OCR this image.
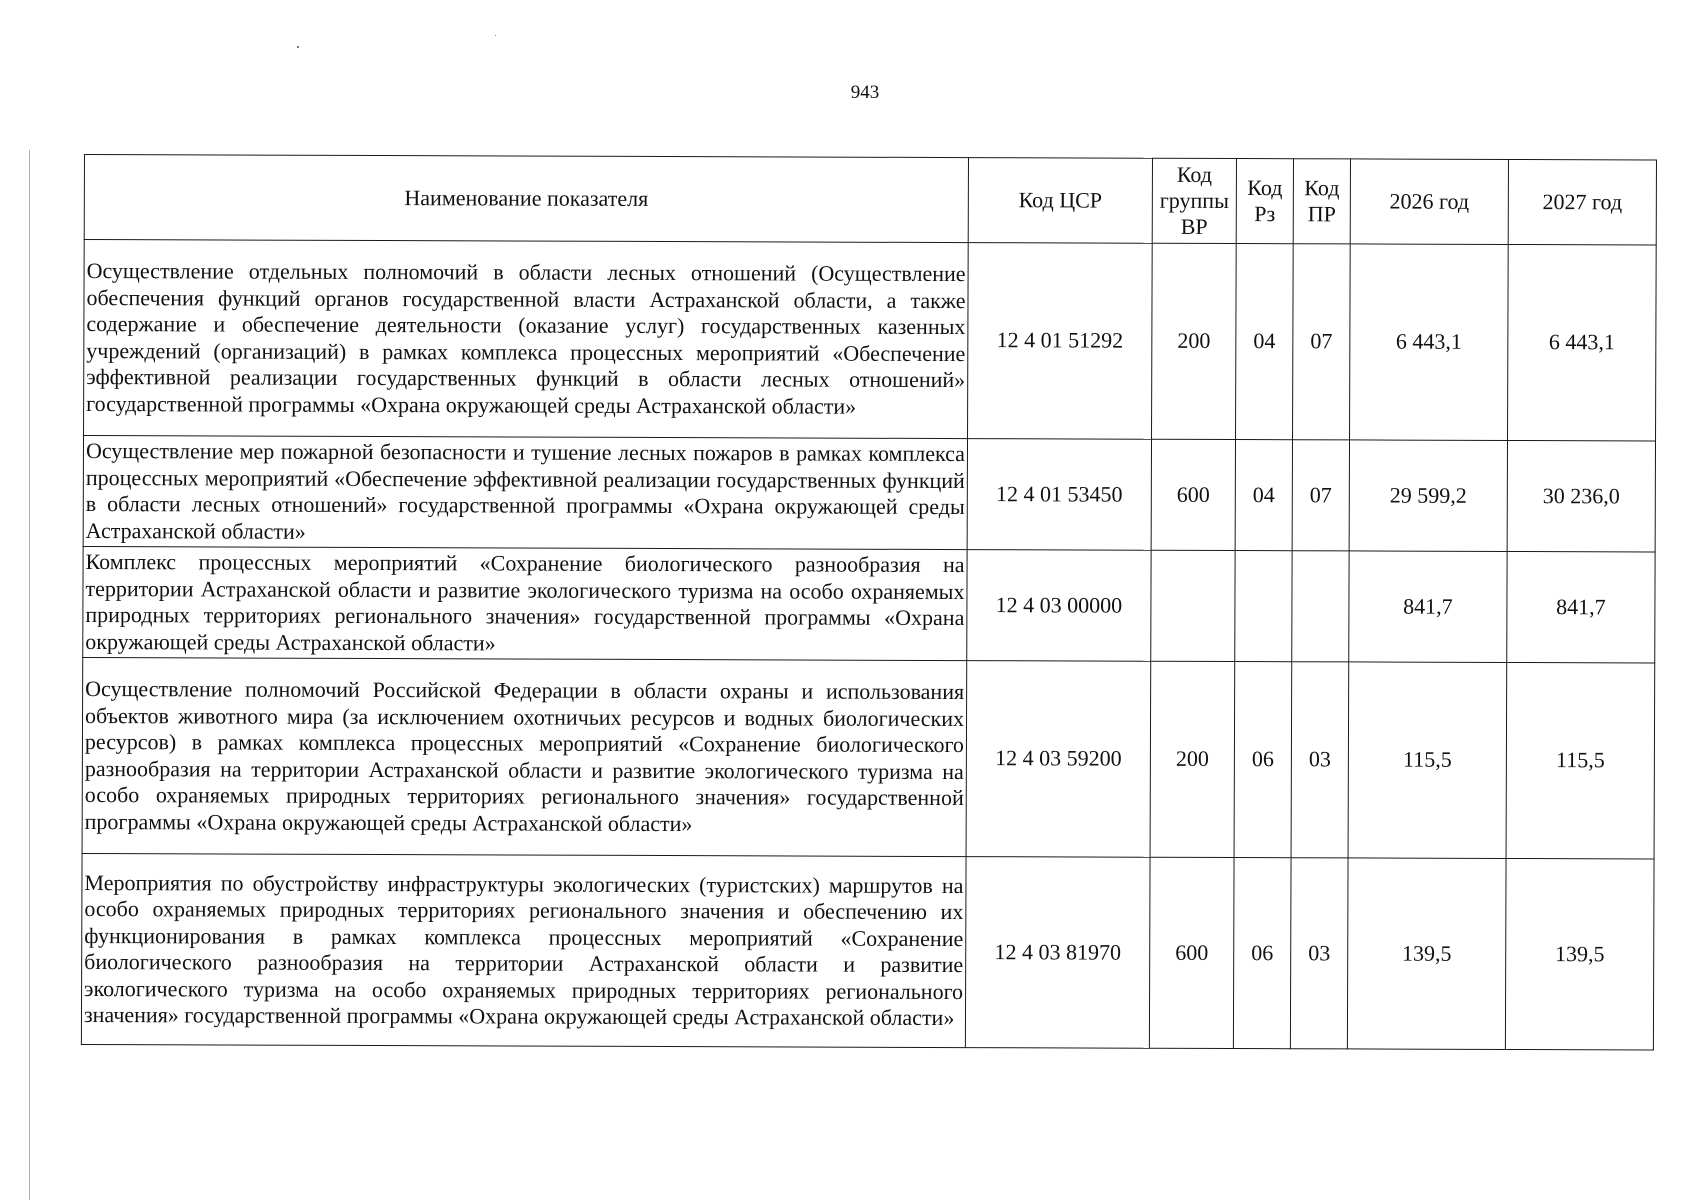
943
Наименование показателя	Код ЦСР	Код группы ВР	Код Рз	Код ПР	2026 год	2027 год
Осуществление отдельных полномочий в области лесных отношений (Осуществление обеспечения функций органов государственной власти Астраханской области, а также содержание и обеспечение деятельности (оказание услуг) государственных казенных учреждений (организаций) в рамках комплекса процессных мероприятий «Обеспечение эффективной реализации государственных функций в области лесных отношений» государственной программы «Охрана окружающей среды Астраханской области»	12 4 01 51292	200	04	07	6 443,1	6 443,1
Осуществление мер пожарной безопасности и тушение лесных пожаров в рамках комплекса процессных мероприятий «Обеспечение эффективной реализации государственных функций в области лесных отношений» государственной программы «Охрана окружающей среды Астраханской области»	12 4 01 53450	600	04	07	29 599,2	30 236,0
Комплекс процессных мероприятий «Сохранение биологического разнообразия на территории Астраханской области и развитие экологического туризма на особо охраняемых природных территориях регионального значения» государственной программы «Охрана окружающей среды Астраханской области»	12 4 03 00000				841,7	841,7
Осуществление полномочий Российской Федерации в области охраны и использования объектов животного мира (за исключением охотничьих ресурсов и водных биологических ресурсов) в рамках комплекса процессных мероприятий «Сохранение биологического разнообразия на территории Астраханской области и развитие экологического туризма на особо охраняемых природных территориях регионального значения» государственной программы «Охрана окружающей среды Астраханской области»	12 4 03 59200	200	06	03	115,5	115,5
Мероприятия по обустройству инфраструктуры экологических (туристских) маршрутов на особо охраняемых природных территориях регионального значения и обеспечению их функционирования в рамках комплекса процессных мероприятий «Сохранение биологического разнообразия на территории Астраханской области и развитие экологического туризма на особо охраняемых природных территориях регионального значения» государственной программы «Охрана окружающей среды Астраханской области»	12 4 03 81970	600	06	03	139,5	139,5
